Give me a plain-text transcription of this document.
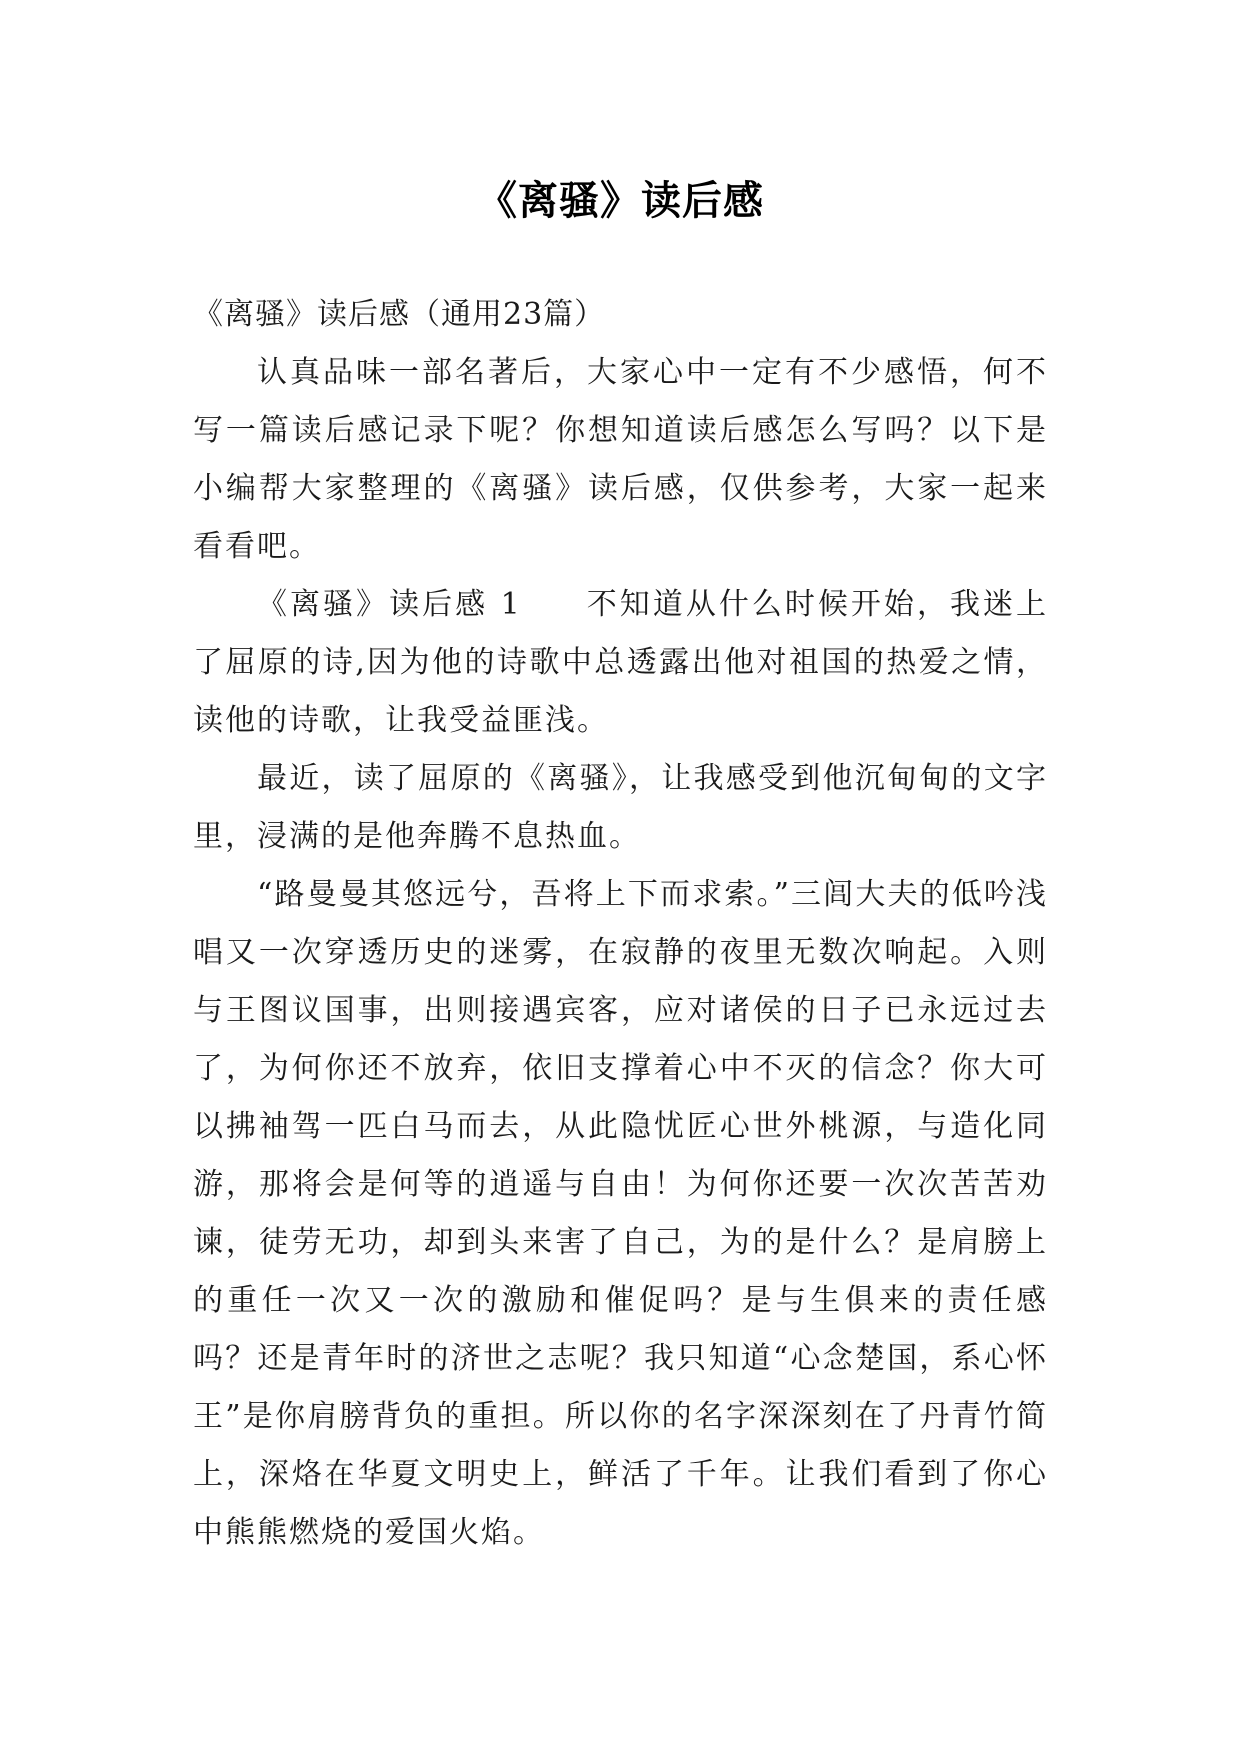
《离骚》读后感

《离骚》读后感（通用23篇）

认真品味一部名著后，大家心中一定有不少感悟，何不写一篇读后感记录下呢？你想知道读后感怎么写吗？以下是小编帮大家整理的《离骚》读后感，仅供参考，大家一起来看看吧。

《离骚》读后感 1 不知道从什么时候开始，我迷上了屈原的诗,因为他的诗歌中总透露出他对祖国的热爱之情，读他的诗歌，让我受益匪浅。

最近，读了屈原的《离骚》，让我感受到他沉甸甸的文字里，浸满的是他奔腾不息热血。

“路曼曼其悠远兮，吾将上下而求索。”三闾大夫的低吟浅唱又一次穿透历史的迷雾，在寂静的夜里无数次响起。入则与王图议国事，出则接遇宾客，应对诸侯的日子已永远过去了，为何你还不放弃，依旧支撑着心中不灭的信念？你大可以拂袖驾一匹白马而去，从此隐忧匠心世外桃源，与造化同游，那将会是何等的逍遥与自由！为何你还要一次次苦苦劝谏，徒劳无功，却到头来害了自己，为的是什么？是肩膀上的重任一次又一次的激励和催促吗？是与生俱来的责任感吗？还是青年时的济世之志呢？我只知道“心念楚国，系心怀王”是你肩膀背负的重担。所以你的名字深深刻在了丹青竹简上，深烙在华夏文明史上，鲜活了千年。让我们看到了你心中熊熊燃烧的爱国火焰。
